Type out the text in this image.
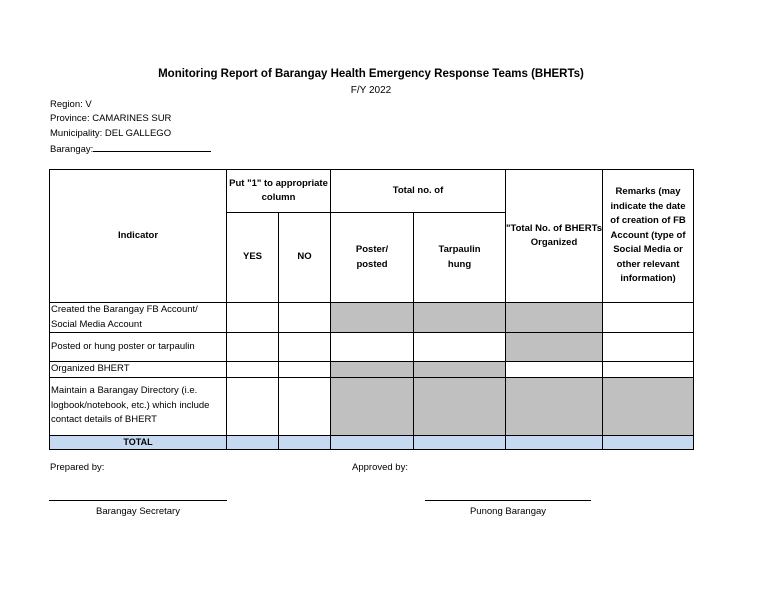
Monitoring Report of Barangay Health Emergency Response Teams (BHERTs)
F/Y 2022
Region: V
Province: CAMARINES SUR
Municipality: DEL GALLEGO
Barangay:
Indicator	Put "1" to appropriate column		Total no. of		"Total No. of BHERTs Organized	Remarks (may indicate the date of creation of FB Account (type of Social Media or other relevant information)
	YES	NO	Poster/ posted	Tarpaulin hung		
Created the Barangay FB Account/ Social Media Account						
Posted or hung poster or tarpaulin						
Organized BHERT						
Maintain a Barangay Directory (i.e. logbook/notebook, etc.) which include contact details of BHERT						
TOTAL						
Prepared by:	Approved by:
Barangay Secretary	Punong Barangay
